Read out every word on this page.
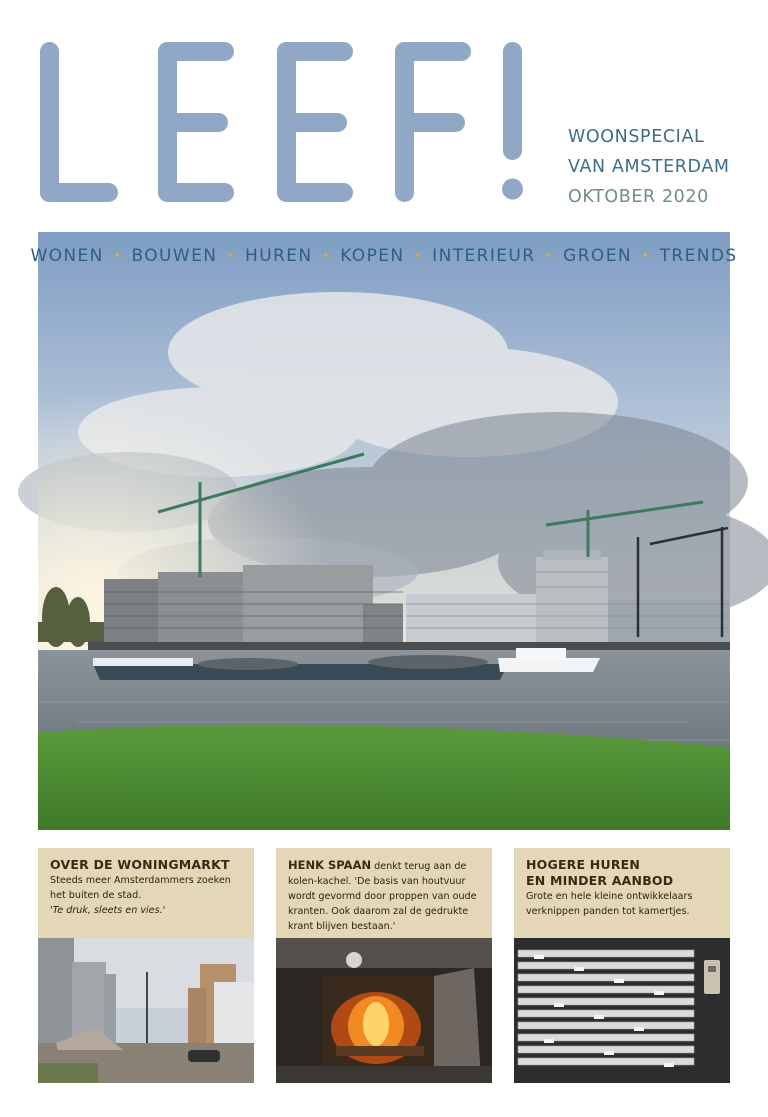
WOONSPECIAL
VAN AMSTERDAM
OKTOBER 2020
WONEN • BOUWEN • HUREN • KOPEN • INTERIEUR • GROEN • TRENDS
OVER DE WONINGMARKT
Steeds meer Amsterdammers zoeken het buiten de stad.
'Te druk, sleets en vies.'
HENK SPAAN denkt terug aan de kolen-kachel. 'De basis van houtvuur wordt gevormd door proppen van oude kranten. Ook daarom zal de gedrukte krant blijven bestaan.'
HOGERE HUREN
EN MINDER AANBOD
Grote en hele kleine ontwikkelaars verknippen panden tot kamertjes.
